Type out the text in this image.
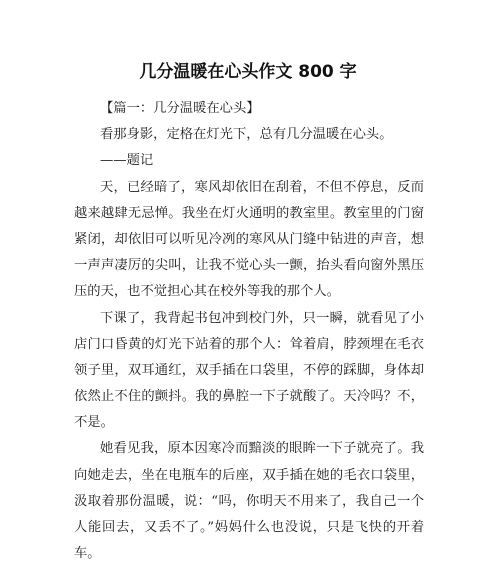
几分温暖在心头作文 800 字
【篇一：几分温暖在心头】
看那身影，定格在灯光下，总有几分温暖在心头。
——题记
天，已经暗了，寒风却依旧在刮着，不但不停息，反而
越来越肆无忌惮。我坐在灯火通明的教室里。教室里的门窗
紧闭，却依旧可以听见冷冽的寒风从门缝中钻进的声音，想
一声声凄厉的尖叫，让我不觉心头一颤，抬头看向窗外黑压
压的天，也不觉担心其在校外等我的那个人。
下课了，我背起书包冲到校门外，只一瞬，就看见了小
店门口昏黄的灯光下站着的那个人：耸着肩，脖颈埋在毛衣
领子里，双耳通红，双手插在口袋里，不停的踩脚，身体却
依然止不住的颤抖。我的鼻腔一下子就酸了。天冷吗？不，
不是。
她看见我，原本因寒冷而黯淡的眼眸一下子就亮了。我
向她走去，坐在电瓶车的后座，双手插在她的毛衣口袋里，
汲取着那份温暖，说：“吗，你明天不用来了，我自己一个
人能回去，又丢不了。”妈妈什么也没说，只是飞快的开着
车。
